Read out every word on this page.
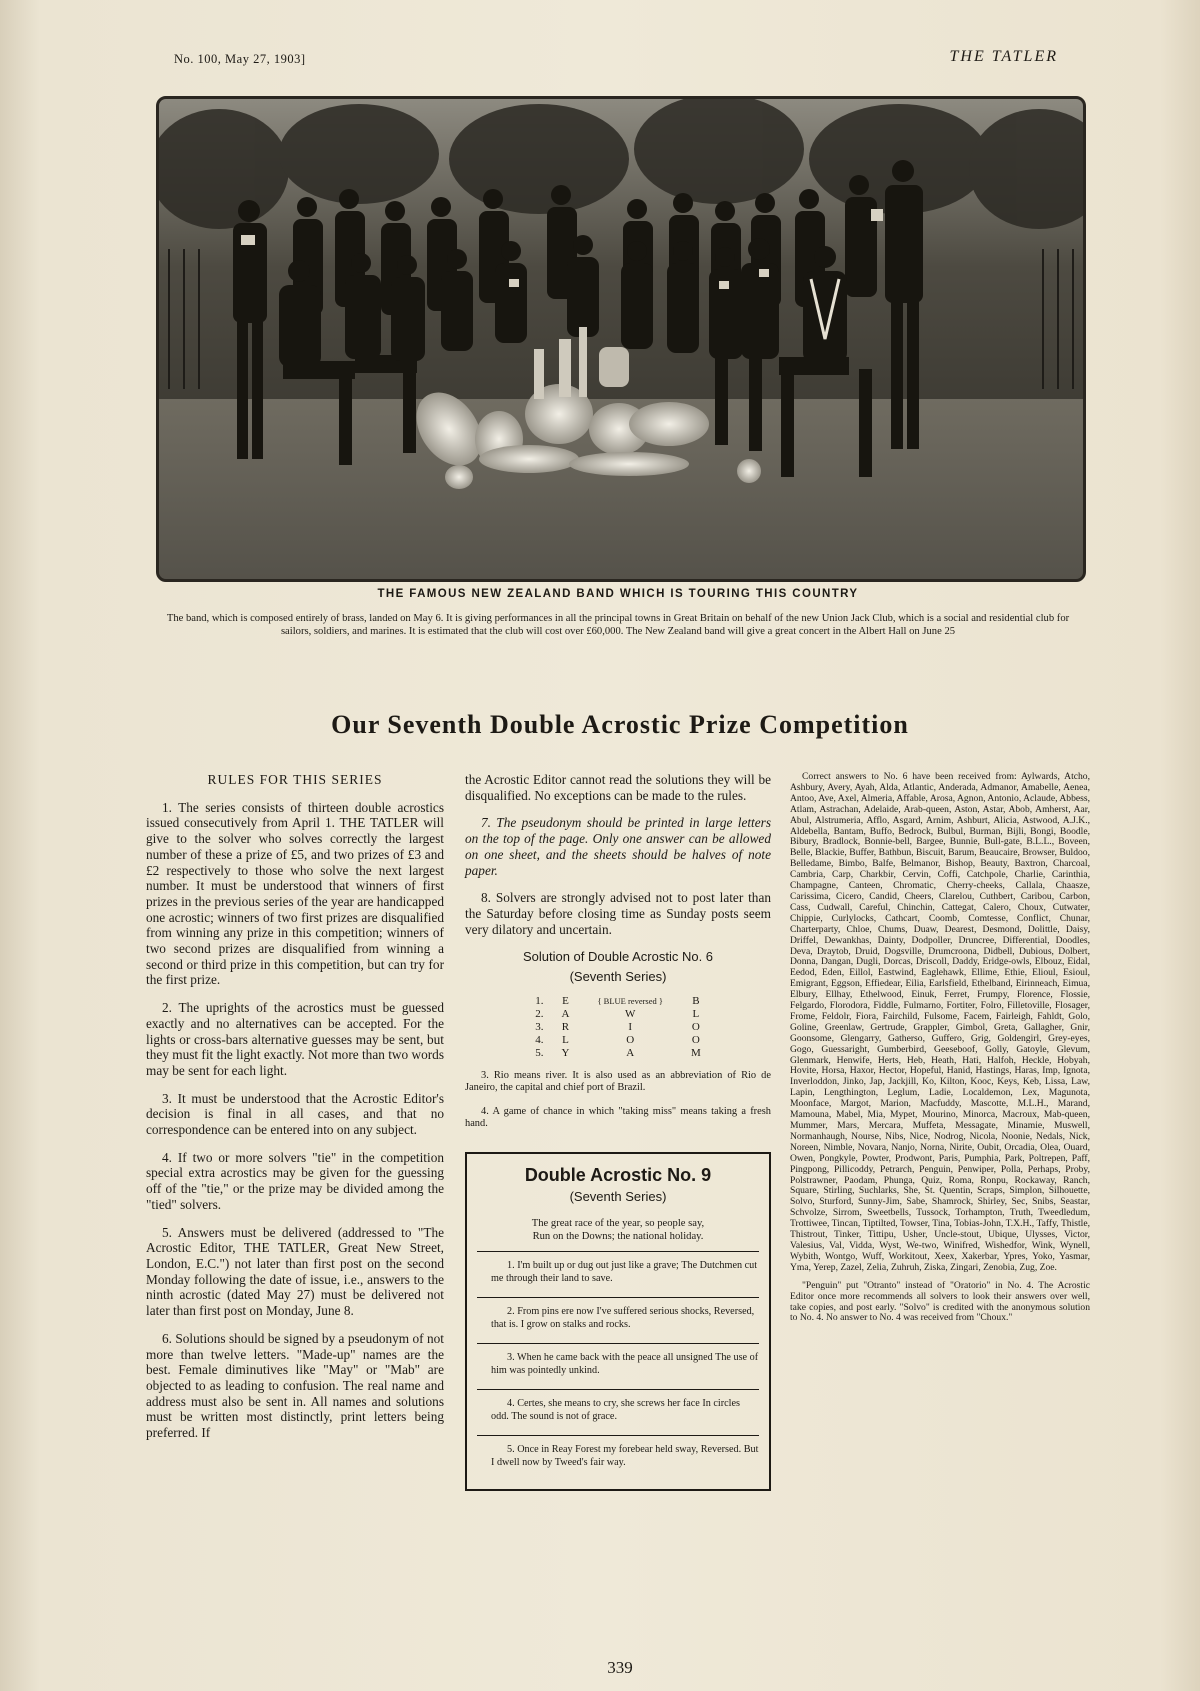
No. 100, May 27, 1903]	THE TATLER
THE FAMOUS NEW ZEALAND BAND WHICH IS TOURING THIS COUNTRY
The band, which is composed entirely of brass, landed on May 6. It is giving performances in all the principal towns in Great Britain on behalf of the new Union Jack Club, which is a social and residential club for sailors, soldiers, and marines. It is estimated that the club will cost over £60,000. The New Zealand band will give a great concert in the Albert Hall on June 25
Our Seventh Double Acrostic Prize Competition
RULES FOR THIS SERIES

1. The series consists of thirteen double acrostics issued consecutively from April 1. THE TATLER will give to the solver who solves correctly the largest number of these a prize of £5, and two prizes of £3 and £2 respectively to those who solve the next largest number. It must be understood that winners of first prizes in the previous series of the year are handicapped one acrostic; winners of two first prizes are disqualified from winning any prize in this competition; winners of two second prizes are disqualified from winning a second or third prize in this competition, but can try for the first prize.

2. The uprights of the acrostics must be guessed exactly and no alternatives can be accepted. For the lights or cross-bars alternative guesses may be sent, but they must fit the light exactly. Not more than two words may be sent for each light.

3. It must be understood that the Acrostic Editor's decision is final in all cases, and that no correspondence can be entered into on any subject.

4. If two or more solvers "tie" in the competition special extra acrostics may be given for the guessing off of the "tie," or the prize may be divided among the "tied" solvers.

5. Answers must be delivered (addressed to "The Acrostic Editor, THE TATLER, Great New Street, London, E.C.") not later than first post on the second Monday following the date of issue, i.e., answers to the ninth acrostic (dated May 27) must be delivered not later than first post on Monday, June 8.

6. Solutions should be signed by a pseudonym of not more than twelve letters. "Made-up" names are the best. Female diminutives like "May" or "Mab" are objected to as leading to confusion. The real name and address must also be sent in. All names and solutions must be written most distinctly, print letters being preferred. If

the Acrostic Editor cannot read the solutions they will be disqualified. No exceptions can be made to the rules.

7. The pseudonym should be printed in large letters on the top of the page. Only one answer can be allowed on one sheet, and the sheets should be halves of note paper.

8. Solvers are strongly advised not to post later than the Saturday before closing time as Sunday posts seem very dilatory and uncertain.

Solution of Double Acrostic No. 6
(Seventh Series)
1.	E	{ BLUE reversed }	B
2.	A	W	L
3.	R	I	O
4.	L	O	O
5.	Y	A	M

3. Rio means river. It is also used as an abbreviation of Rio de Janeiro, the capital and chief port of Brazil.

4. A game of chance in which "taking miss" means taking a fresh hand.

Double Acrostic No. 9
(Seventh Series)
The great race of the year, so people say,
Run on the Downs; the national holiday.

1. I'm built up or dug out just like a grave; The Dutchmen cut me through their land to save.

2. From pins ere now I've suffered serious shocks, Reversed, that is. I grow on stalks and rocks.

3. When he came back with the peace all unsigned The use of him was pointedly unkind.

4. Certes, she means to cry, she screws her face In circles odd. The sound is not of grace.

5. Once in Reay Forest my forebear held sway, Reversed. But I dwell now by Tweed's fair way.

Correct answers to No. 6 have been received from: Aylwards, Atcho, Ashbury, Avery, Ayah, Alda, Atlantic, Anderada, Admanor, Amabelle, Aenea, Antoo, Ave, Axel, Almeria, Affable, Arosa, Agnon, Antonio, Aclaude, Abbess, Atlam, Astrachan, Adelaide, Arab-queen, Aston, Astar, Abob, Amherst, Aar, Abul, Alstrumeria, Afflo, Asgard, Arnim, Ashburt, Alicia, Astwood, A.J.K., Aldebella, Bantam, Buffo, Bedrock, Bulbul, Burman, Bijli, Bongi, Boodle, Bibury, Bradlock, Bonnie-bell, Bargee, Bunnie, Bull-gate, B.L.L., Boveen, Belle, Blackie, Buffer, Bathbun, Biscuit, Barum, Beaucaire, Browser, Buldoo, Belledame, Bimbo, Balfe, Belmanor, Bishop, Beauty, Baxtron, Charcoal, Cambria, Carp, Charkbir, Cervin, Coffi, Catchpole, Charlie, Carinthia, Champagne, Canteen, Chromatic, Cherry-cheeks, Callala, Chaasze, Carissima, Cicero, Candid, Cheers, Clarelou, Cuthbert, Caribou, Carbon, Cass, Cudwall, Careful, Chinchin, Cattegat, Calero, Choux, Cutwater, Chippie, Curlylocks, Cathcart, Coomb, Comtesse, Conflict, Chunar, Charterparty, Chloe, Chums, Duaw, Dearest, Desmond, Dolittle, Daisy, Driffel, Dewankhas, Dainty, Dodpoller, Druncree, Differential, Doodles, Deva, Draytob, Druid, Dogsville, Drumcroona, Didbell, Dubious, Dolbert, Donna, Dangan, Dugli, Dorcas, Driscoll, Daddy, Eridge-owls, Elbouz, Eidal, Eedod, Eden, Eillol, Eastwind, Eaglehawk, Ellime, Ethie, Elioul, Esioul, Emigrant, Eggson, Effiedear, Eilia, Earlsfield, Ethelband, Eirinneach, Eimua, Elbury, Ellhay, Ethelwood, Einuk, Ferret, Frumpy, Florence, Flossie, Felgardo, Florodora, Fiddle, Fulmarno, Fortiter, Folro, Filletoville, Flosager, Frome, Feldolr, Fiora, Fairchild, Fulsome, Facem, Fairleigh, Fahldt, Golo, Goline, Greenlaw, Gertrude, Grappler, Gimbol, Greta, Gallagher, Gnir, Goonsome, Glengarry, Gatherso, Guffero, Grig, Goldengirl, Grey-eyes, Gogo, Guessaright, Gumberbird, Geeseboof, Golly, Gatoyle, Glevum, Glenmark, Henwife, Herts, Heb, Heath, Hati, Halfoh, Heckle, Hobyah, Hovite, Horsa, Haxor, Hector, Hopeful, Hanid, Hastings, Haras, Imp, Ignota, Inverloddon, Jinko, Jap, Jackjill, Ko, Kilton, Kooc, Keys, Keb, Lissa, Law, Lapin, Lengthington, Leglum, Ladie, Localdemon, Lex, Magunota, Moonface, Margot, Marion, Macfuddy, Mascotte, M.L.H., Marand, Mamouna, Mabel, Mia, Mypet, Mourino, Minorca, Macroux, Mab-queen, Mummer, Mars, Mercara, Muffeta, Messagate, Minamie, Muswell, Normanhaugh, Nourse, Nibs, Nice, Nodrog, Nicola, Noonie, Nedals, Nick, Noreen, Nimble, Novara, Nanjo, Norna, Nirite, Oubit, Orcadia, Olea, Ouard, Owen, Pongkyle, Powter, Prodwont, Paris, Pumphia, Park, Poltrepen, Paff, Pingpong, Pillicoddy, Petrarch, Penguin, Penwiper, Polla, Perhaps, Proby, Polstrawner, Paodam, Phunga, Quiz, Roma, Ronpu, Rockaway, Ranch, Square, Stirling, Suchlarks, She, St. Quentin, Scraps, Simplon, Silhouette, Solvo, Sturford, Sunny-Jim, Sabe, Shamrock, Shirley, Sec, Snibs, Seastar, Schvolze, Sirrom, Sweetbells, Tussock, Torhampton, Truth, Tweedledum, Trottiwee, Tincan, Tiptilted, Towser, Tina, Tobias-John, T.X.H., Taffy, Thistle, Thistrout, Tinker, Tittipu, Usher, Uncle-stout, Ubique, Ulysses, Victor, Valesius, Val, Vidda, Wyst, We-two, Winifred, Wishedfor, Wink, Wynell, Wybith, Wontgo, Wuff, Workitout, Xeex, Xakerbar, Ypres, Yoko, Yasmar, Yma, Yerep, Zazel, Zelia, Zuhruh, Ziska, Zingari, Zenobia, Zug, Zoe.

"Penguin" put "Otranto" instead of "Oratorio" in No. 4. The Acrostic Editor once more recommends all solvers to look their answers over well, take copies, and post early. "Solvo" is credited with the anonymous solution to No. 4. No answer to No. 4 was received from "Choux."

339
